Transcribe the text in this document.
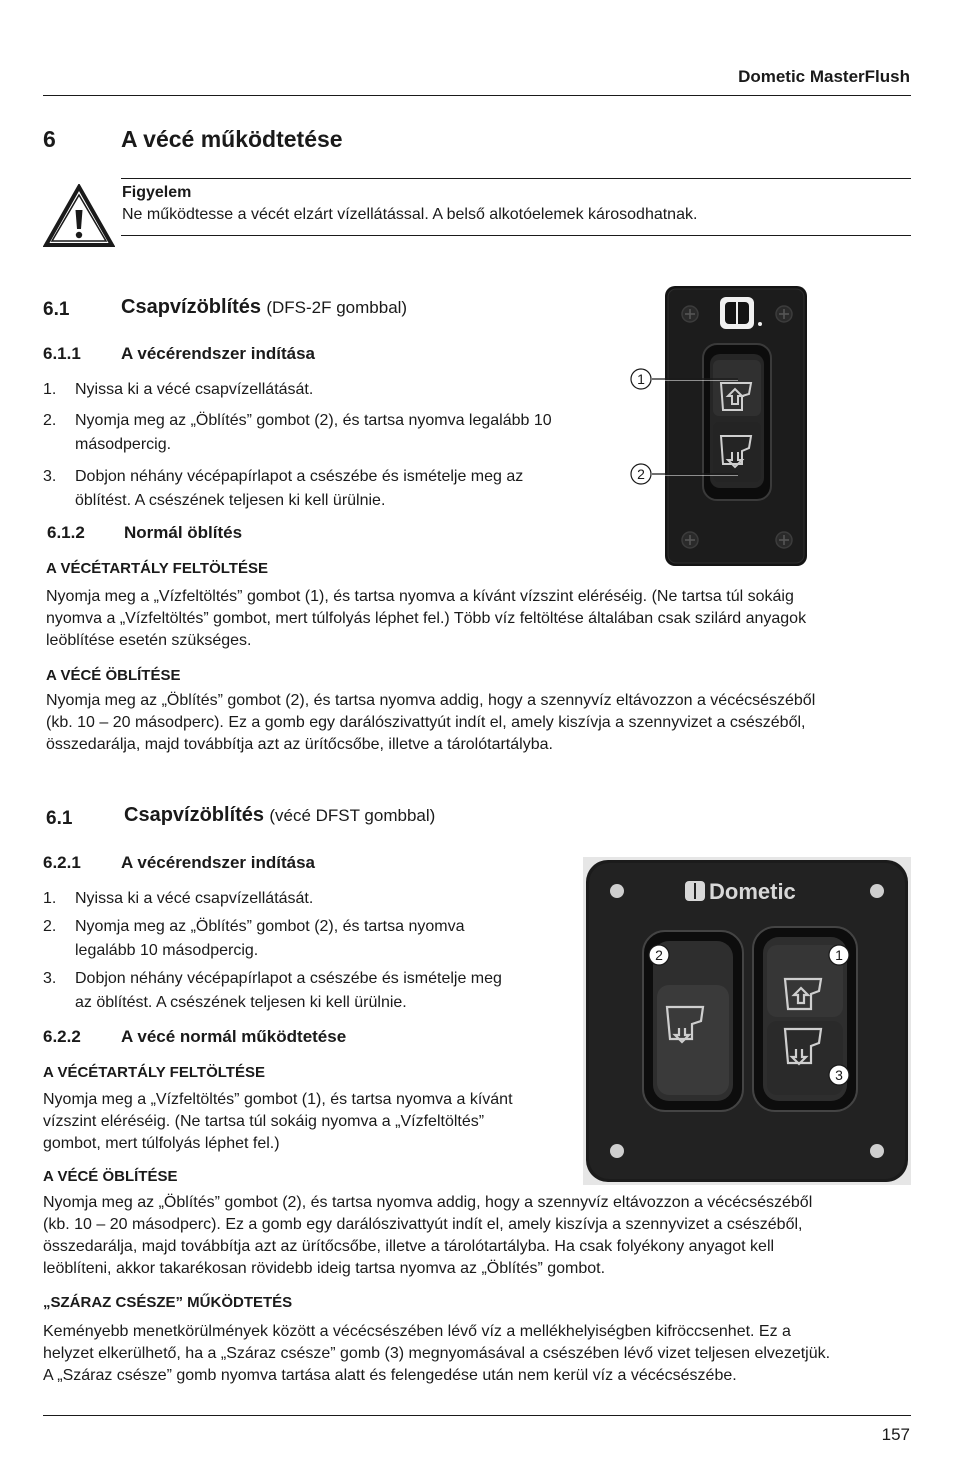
Dometic MasterFlush
6	A vécé működtetése
Figyelem
Ne működtesse a vécét elzárt vízellátással. A belső alkotóelemek károsodhatnak.
6.1	Csapvízöblítés (DFS-2F gombbal)
6.1.1 A vécérendszer indítása
1. Nyissa ki a vécé csapvízellátását.
2. Nyomja meg az „Öblítés” gombot (2), és tartsa nyomva legalább 10
másodpercig.
3. Dobjon néhány vécépapírlapot a csészébe és ismételje meg az
öblítést. A csészének teljesen ki kell ürülnie.
1
2
6.1.2 Normál öblítés
A VÉCÉTARTÁLY FELTÖLTÉSE
Nyomja meg a „Vízfeltöltés” gombot (1), és tartsa nyomva a kívánt vízszint eléréséig. (Ne tartsa túl sokáig
nyomva a „Vízfeltöltés” gombot, mert túlfolyás léphet fel.) Több víz feltöltése általában csak szilárd anyagok
leöblítése esetén szükséges.
A VÉCÉ ÖBLÍTÉSE
Nyomja meg az „Öblítés” gombot (2), és tartsa nyomva addig, hogy a szennyvíz eltávozzon a vécécsészéből
(kb. 10 – 20 másodperc). Ez a gomb egy darálószivattyút indít el, amely kiszívja a szennyvizet a csészéből,
összedarálja, majd továbbítja azt az ürítőcsőbe, illetve a tárolótartályba.
6.1	Csapvízöblítés (vécé DFST gombbal)
6.2.1 A vécérendszer indítása
1. Nyissa ki a vécé csapvízellátását.
2. Nyomja meg az „Öblítés” gombot (2), és tartsa nyomva
legalább 10 másodpercig.
3. Dobjon néhány vécépapírlapot a csészébe és ismételje meg
az öblítést. A csészének teljesen ki kell ürülnie.
Dometic
2	1
3
6.2.2 A vécé normál működtetése
A VÉCÉTARTÁLY FELTÖLTÉSE
Nyomja meg a „Vízfeltöltés” gombot (1), és tartsa nyomva a kívánt
vízszint eléréséig. (Ne tartsa túl sokáig nyomva a „Vízfeltöltés”
gombot, mert túlfolyás léphet fel.)
A VÉCÉ ÖBLÍTÉSE
Nyomja meg az „Öblítés” gombot (2), és tartsa nyomva addig, hogy a szennyvíz eltávozzon a vécécsészéből
(kb. 10 – 20 másodperc). Ez a gomb egy darálószivattyút indít el, amely kiszívja a szennyvizet a csészéből,
összedarálja, majd továbbítja azt az ürítőcsőbe, illetve a tárolótartályba. Ha csak folyékony anyagot kell
leöblíteni, akkor takarékosan rövidebb ideig tartsa nyomva az „Öblítés” gombot.
„SZÁRAZ CSÉSZE” MŰKÖDTETÉS
Keményebb menetkörülmények között a vécécsészében lévő víz a mellékhelyiségben kifröccsenhet. Ez a
helyzet elkerülhető, ha a „Száraz csésze” gomb (3) megnyomásával a csészében lévő vizet teljesen elvezetjük.
A „Száraz csésze” gomb nyomva tartása alatt és felengedése után nem kerül víz a vécécsészébe.
157
